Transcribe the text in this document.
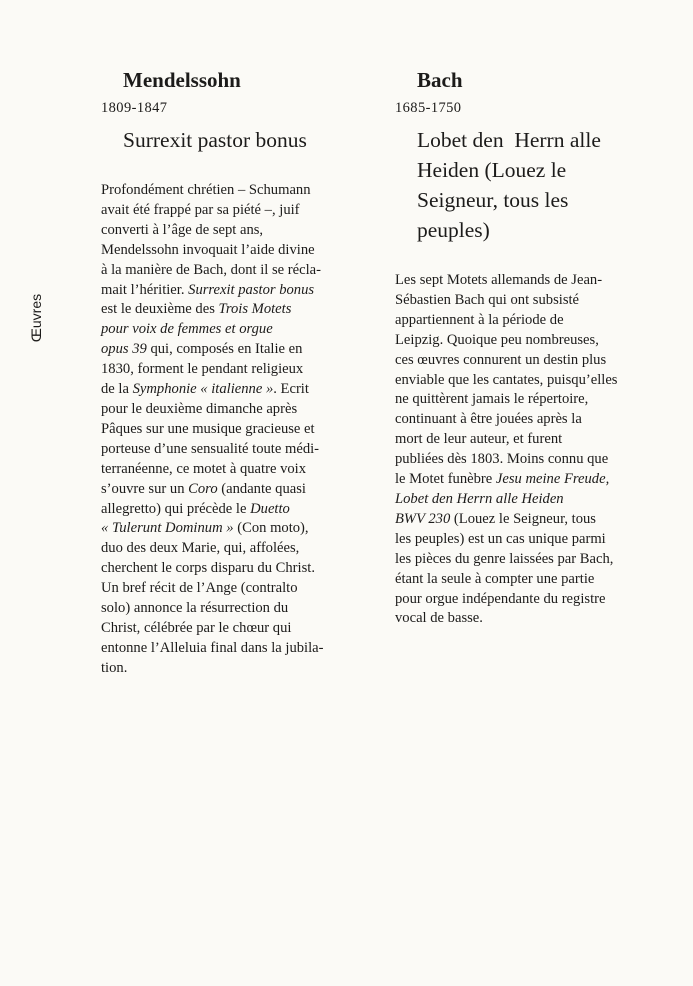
Œuvres
Mendelssohn
1809-1847
Surrexit pastor bonus
Profondément chrétien – Schumann
avait été frappé par sa piété –, juif
converti à l’âge de sept ans,
Mendelssohn invoquait l’aide divine
à la manière de Bach, dont il se récla-
mait l’héritier. Surrexit pastor bonus
est le deuxième des Trois Motets
pour voix de femmes et orgue
opus 39 qui, composés en Italie en
1830, forment le pendant religieux
de la Symphonie « italienne ». Ecrit
pour le deuxième dimanche après
Pâques sur une musique gracieuse et
porteuse d’une sensualité toute médi-
terranéenne, ce motet à quatre voix
s’ouvre sur un Coro (andante quasi
allegretto) qui précède le Duetto
« Tulerunt Dominum » (Con moto),
duo des deux Marie, qui, affolées,
cherchent le corps disparu du Christ.
Un bref récit de l’Ange (contralto
solo) annonce la résurrection du
Christ, célébrée par le chœur qui
entonne l’Alleluia final dans la jubila-
tion.
Bach
1685-1750
Lobet den  Herrn alle
Heiden (Louez le
Seigneur, tous les
peuples)
Les sept Motets allemands de Jean-
Sébastien Bach qui ont subsisté
appartiennent à la période de
Leipzig. Quoique peu nombreuses,
ces œuvres connurent un destin plus
enviable que les cantates, puisqu’elles
ne quittèrent jamais le répertoire,
continuant à être jouées après la
mort de leur auteur, et furent
publiées dès 1803. Moins connu que
le Motet funèbre Jesu meine Freude,
Lobet den Herrn alle Heiden
BWV 230 (Louez le Seigneur, tous
les peuples) est un cas unique parmi
les pièces du genre laissées par Bach,
étant la seule à compter une partie
pour orgue indépendante du registre
vocal de basse.
